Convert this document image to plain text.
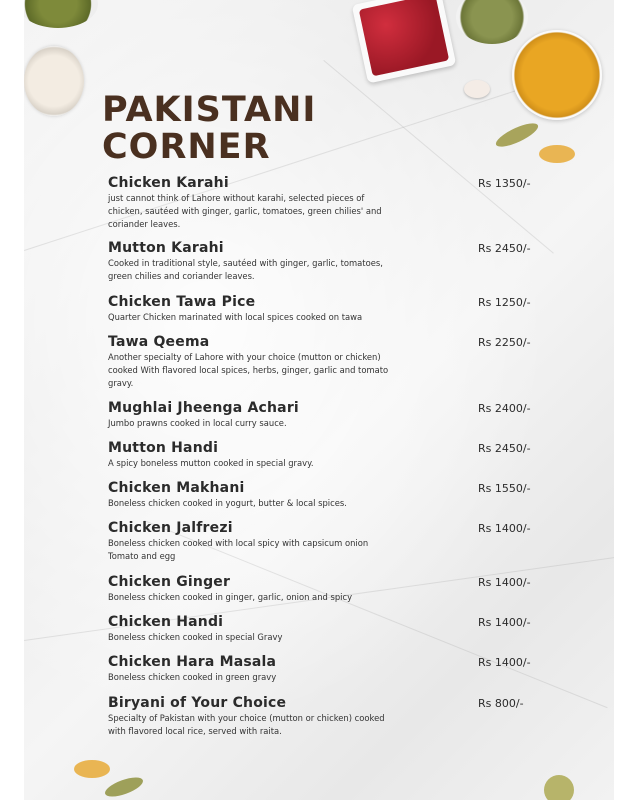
PAKISTANI
CORNER
Chicken Karahi
just cannot think of Lahore without karahi, selected pieces of chicken, sautéed with ginger, garlic, tomatoes, green chilies' and coriander leaves.
Rs 1350/-
Mutton Karahi
Cooked in traditional style, sautéed with ginger, garlic, tomatoes, green chilies and coriander leaves.
Rs 2450/-
Chicken Tawa Pice
Quarter Chicken marinated with local spices cooked on tawa
Rs 1250/-
Tawa Qeema
Another specialty of Lahore with your choice (mutton or chicken) cooked With flavored local spices, herbs, ginger, garlic and tomato gravy.
Rs 2250/-
Mughlai Jheenga Achari
Jumbo prawns cooked in local curry sauce.
Rs 2400/-
Mutton Handi
A spicy boneless mutton cooked in special gravy.
Rs 2450/-
Chicken Makhani
Boneless chicken cooked in yogurt, butter & local spices.
Rs 1550/-
Chicken Jalfrezi
Boneless chicken cooked with local spicy with capsicum onion Tomato and egg
Rs 1400/-
Chicken Ginger
Boneless chicken cooked in ginger, garlic, onion and spicy
Rs 1400/-
Chicken Handi
Boneless chicken cooked in special Gravy
Rs 1400/-
Chicken Hara Masala
Boneless chicken cooked in green gravy
Rs 1400/-
Biryani of Your Choice
Specialty of Pakistan with your choice (mutton or chicken) cooked with flavored local rice, served with raita.
Rs 800/-
